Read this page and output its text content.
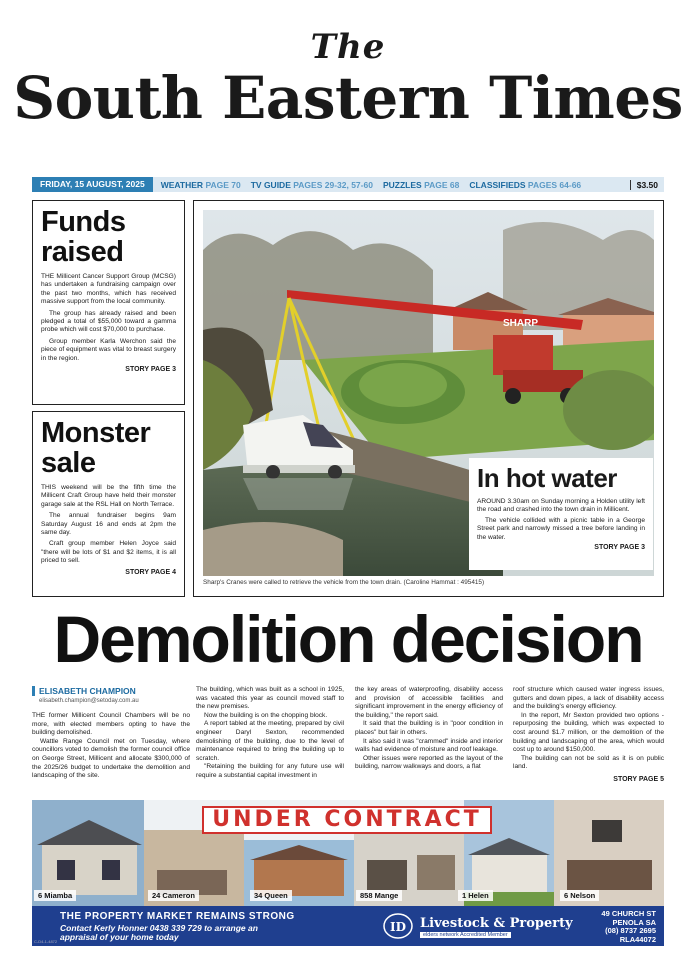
The
South Eastern Times
FRIDAY, 15 AUGUST, 2025	WEATHER PAGE 70 TV GUIDE PAGES 29-32, 57-60 PUZZLES PAGE 68 CLASSIFIEDS PAGES 64-66	$3.50
Funds
raised

THE Millicent Cancer Support Group (MCSG) has undertaken a fundraising campaign over the past two months, which has received massive support from the local community.

The group has already raised and been pledged a total of $55,000 toward a gamma probe which will cost $70,000 to purchase.

Group member Karla Werchon said the piece of equipment was vital to breast surgery in the region.

STORY PAGE 3
Monster
sale

THIS weekend will be the fifth time the Millicent Craft Group have held their monster garage sale at the RSL Hall on North Terrace.

The annual fundraiser begins 9am Saturday August 16 and ends at 2pm the same day.

Craft group member Helen Joyce said "there will be lots of $1 and $2 items, it is all priced to sell.

STORY PAGE 4
SHARP
In hot water

AROUND 3.30am on Sunday morning a Holden utility left the road and crashed into the town drain in Millicent.

The vehicle collided with a picnic table in a George Street park and narrowly missed a tree before landing in the water.

STORY PAGE 3
Sharp's Cranes were called to retrieve the vehicle from the town drain. (Caroline Hammat : 495415)
Demolition decision
ELISABETH CHAMPION
elisabeth.champion@setoday.com.au

THE former Millicent Council Chambers will be no more, with elected members opting to have the building demolished.

Wattle Range Council met on Tuesday, where councillors voted to demolish the former council office on George Street, Millicent and allocate $300,000 of the 2025/26 budget to undertake the demolition and landscaping of the site.

The building, which was built as a school in 1925, was vacated this year as council moved staff to the new premises.

Now the building is on the chopping block.

A report tabled at the meeting, prepared by civil engineer Daryl Sexton, recommended demolishing of the building, due to the level of maintenance required to bring the building up to scratch.

"Retaining the building for any future use will require a substantial capital investment in

the key areas of waterproofing, disability access and provision of accessible facilities and significant improvement in the energy efficiency of the building," the report said.

It said that the building is in "poor condition in places" but fair in others.

It also said it was "crammed" inside and interior walls had evidence of moisture and roof leakage.

Other issues were reported as the layout of the building, narrow walkways and doors, a flat

roof structure which caused water ingress issues, gutters and down pipes, a lack of disability access and the building's energy efficiency.

In the report, Mr Sexton provided two options - repurposing the building, which was expected to cost around $1.7 million, or the demolition of the building and landscaping of the area, which would cost up to around $150,000.

The building can not be sold as it is on public land.

STORY PAGE 5
UNDER CONTRACT
6 Miamba	24 Cameron	34 Queen	858 Mange	1 Helen	6 Nelson
THE PROPERTY MARKET REMAINS STRONG
Contact Kerly Honner 0438 339 729 to arrange an
appraisal of your home today
ID Livestock & Property
elders network Accredited Member
49 CHURCH ST
PENOLA SA
(08) 8737 2695
RLA44072
C-D4-1-4872
